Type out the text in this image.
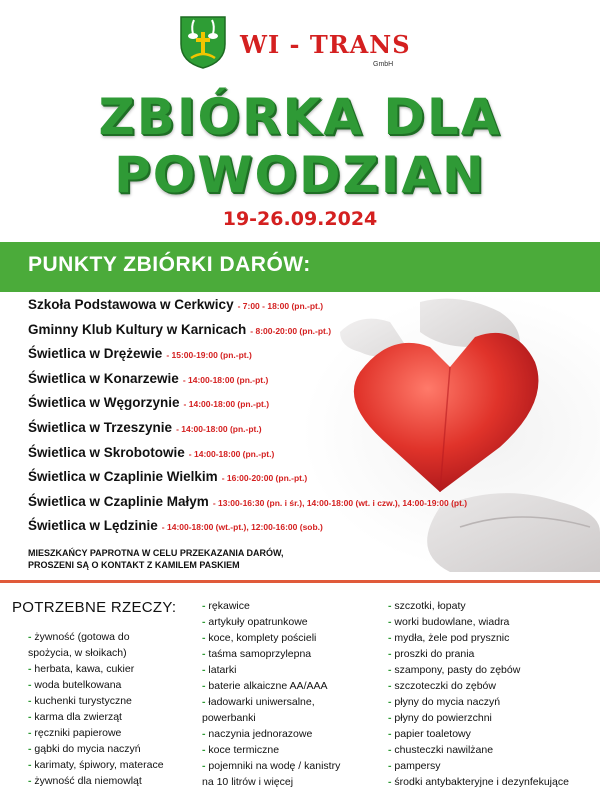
WI - TRANS
GmbH
ZBIÓRKA DLA
POWODZIAN
19-26.09.2024
PUNKTY ZBIÓRKI DARÓW:
Szkoła Podstawowa w Cerkwicy - 7:00 - 18:00 (pn.-pt.)
Gminny Klub Kultury w Karnicach - 8:00-20:00 (pn.-pt.)
Świetlica w Drężewie - 15:00-19:00 (pn.-pt.)
Świetlica w Konarzewie - 14:00-18:00 (pn.-pt.)
Świetlica w Węgorzynie - 14:00-18:00 (pn.-pt.)
Świetlica w Trzeszynie - 14:00-18:00 (pn.-pt.)
Świetlica w Skrobotowie - 14:00-18:00 (pn.-pt.)
Świetlica w Czaplinie Wielkim - 16:00-20:00 (pn.-pt.)
Świetlica w Czaplinie Małym - 13:00-16:30 (pn. i śr.), 14:00-18:00 (wt. i czw.), 14:00-19:00 (pt.)
Świetlica w Lędzinie - 14:00-18:00 (wt.-pt.), 12:00-16:00 (sob.)
MIESZKAŃCY PAPROTNA W CELU PRZEKAZANIA DARÓW,
PROSZENI SĄ O KONTAKT Z KAMILEM PASKIEM
POTRZEBNE RZECZY:
- żywność (gotowa do
spożycia, w słoikach)
- herbata, kawa, cukier
- woda butelkowana
- kuchenki turystyczne
- karma dla zwierząt
- ręczniki papierowe
- gąbki do mycia naczyń
- karimaty, śpiwory, materace
- żywność dla niemowląt
- rękawice
- artykuły opatrunkowe
- koce, komplety pościeli
- taśma samoprzylepna
- latarki
- baterie alkaiczne AA/AAA
- ładowarki uniwersalne,
powerbanki
- naczynia jednorazowe
- koce termiczne
- pojemniki na wodę / kanistry
na 10 litrów i więcej
- szczotki, łopaty
- worki budowlane, wiadra
- mydła, żele pod prysznic
- proszki do prania
- szampony, pasty do zębów
- szczoteczki do zębów
- płyny do mycia naczyń
- płyny do powierzchni
- papier toaletowy
- chusteczki nawilżane
- pampersy
- środki antybakteryjne i dezynfekujące
